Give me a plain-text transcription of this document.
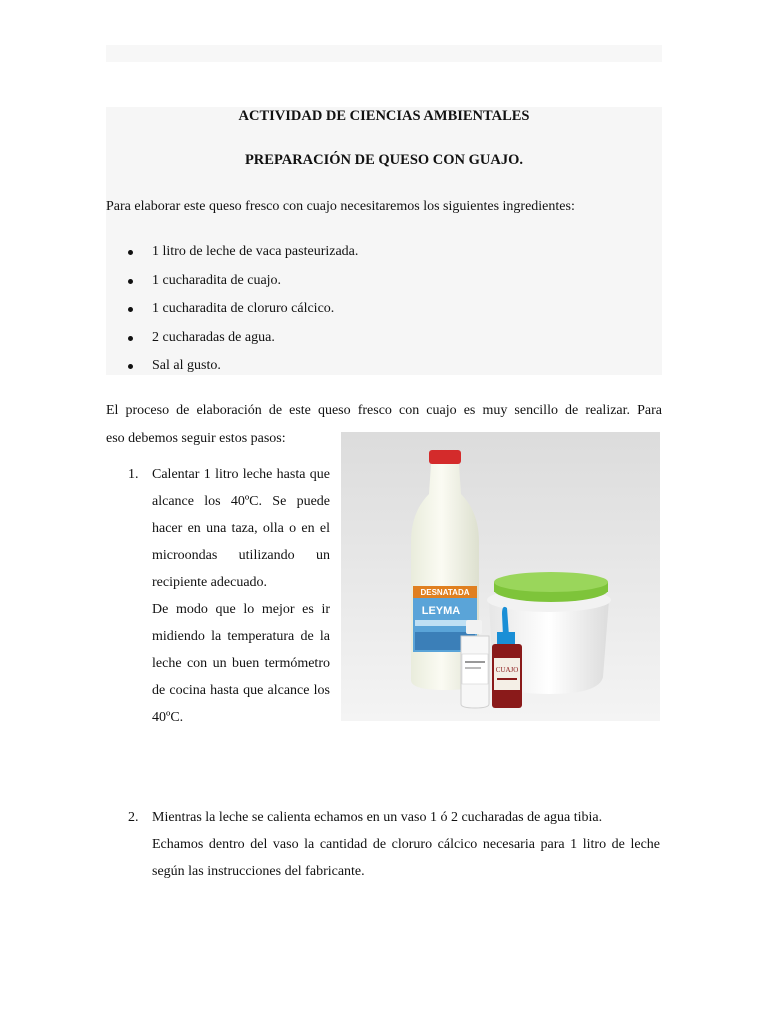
ACTIVIDAD DE CIENCIAS AMBIENTALES
PREPARACIÓN DE QUESO CON GUAJO.

Para elaborar este queso fresco con cuajo necesitaremos los siguientes ingredientes:

1 litro de leche de vaca pasteurizada.
1 cucharadita de cuajo.
1 cucharadita de cloruro cálcico.
2 cucharadas de agua.
Sal al gusto.

El proceso de elaboración de este queso fresco con cuajo es muy sencillo de realizar. Para
eso debemos seguir estos pasos:

DESNATADA
LEYMA
CUAJO
1. Calentar 1 litro leche hasta que alcance los 40ºC. Se puede hacer en una taza, olla o en el microondas utilizando un recipiente adecuado.

De modo que lo mejor es ir midiendo la temperatura de la leche con un buen termómetro de cocina hasta que alcance los 40ºC.

2. Mientras la leche se calienta echamos en un vaso 1 ó 2 cucharadas de agua tibia.

Echamos dentro del vaso la cantidad de cloruro cálcico necesaria para 1 litro de leche según las instrucciones del fabricante.
